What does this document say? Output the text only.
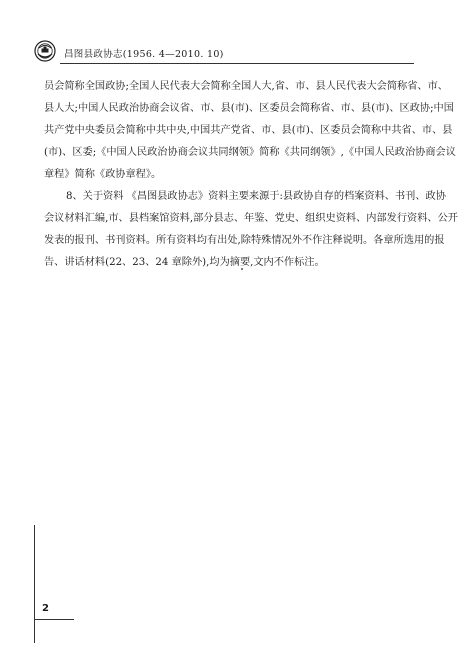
昌图县政协志(1956. 4—2010. 10)
员会简称全国政协;全国人民代表大会简称全国人大,省、市、县人民代表大会简称省、市、
县人大;中国人民政治协商会议省、市、县(市)、区委员会简称省、市、县(市)、区政协;中国
共产党中央委员会简称中共中央,中国共产党省、市、县(市)、区委员会简称中共省、市、县
(市)、区委;《中国人民政治协商会议共同纲领》简称《共同纲领》,《中国人民政治协商会议
章程》简称《政协章程》。
8、关于资料 《昌图县政协志》资料主要来源于:县政协自存的档案资料、书刊、政协
会议材料汇编,市、县档案馆资料,部分县志、年鉴、党史、组织史资料、内部发行资料、公开
发表的报刊、书刊资料。所有资料均有出处,除特殊情况外不作注释说明。各章所选用的报
告、讲话材料(22、23、24 章除外),均为摘要,文内不作标注。
2
